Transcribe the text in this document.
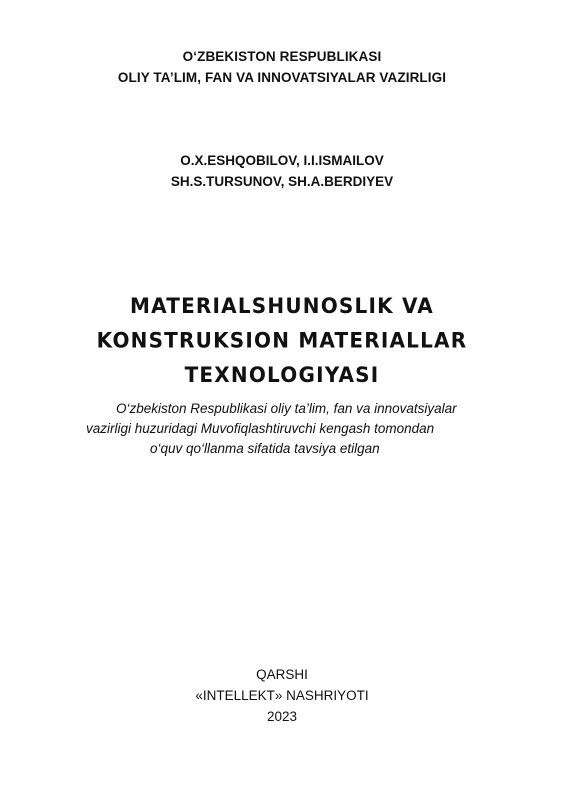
O‘ZBEKISTON RESPUBLIKASI
OLIY TA’LIM, FAN VA INNOVATSIYALAR VAZIRLIGI
O.X.ESHQOBILOV, I.I.ISMAILOV
SH.S.TURSUNOV, SH.A.BERDIYEV
MATERIALSHUNOSLIK VA
KONSTRUKSION MATERIALLAR
TEXNOLOGIYASI
O‘zbekiston Respublikasi oliy ta’lim, fan va innovatsiyalar
vazirligi huzuridagi Muvofiqlashtiruvchi kengash tomondan
o‘quv qo‘llanma sifatida tavsiya etilgan
QARSHI
«INTELLEKT» NASHRIYOTI
2023
